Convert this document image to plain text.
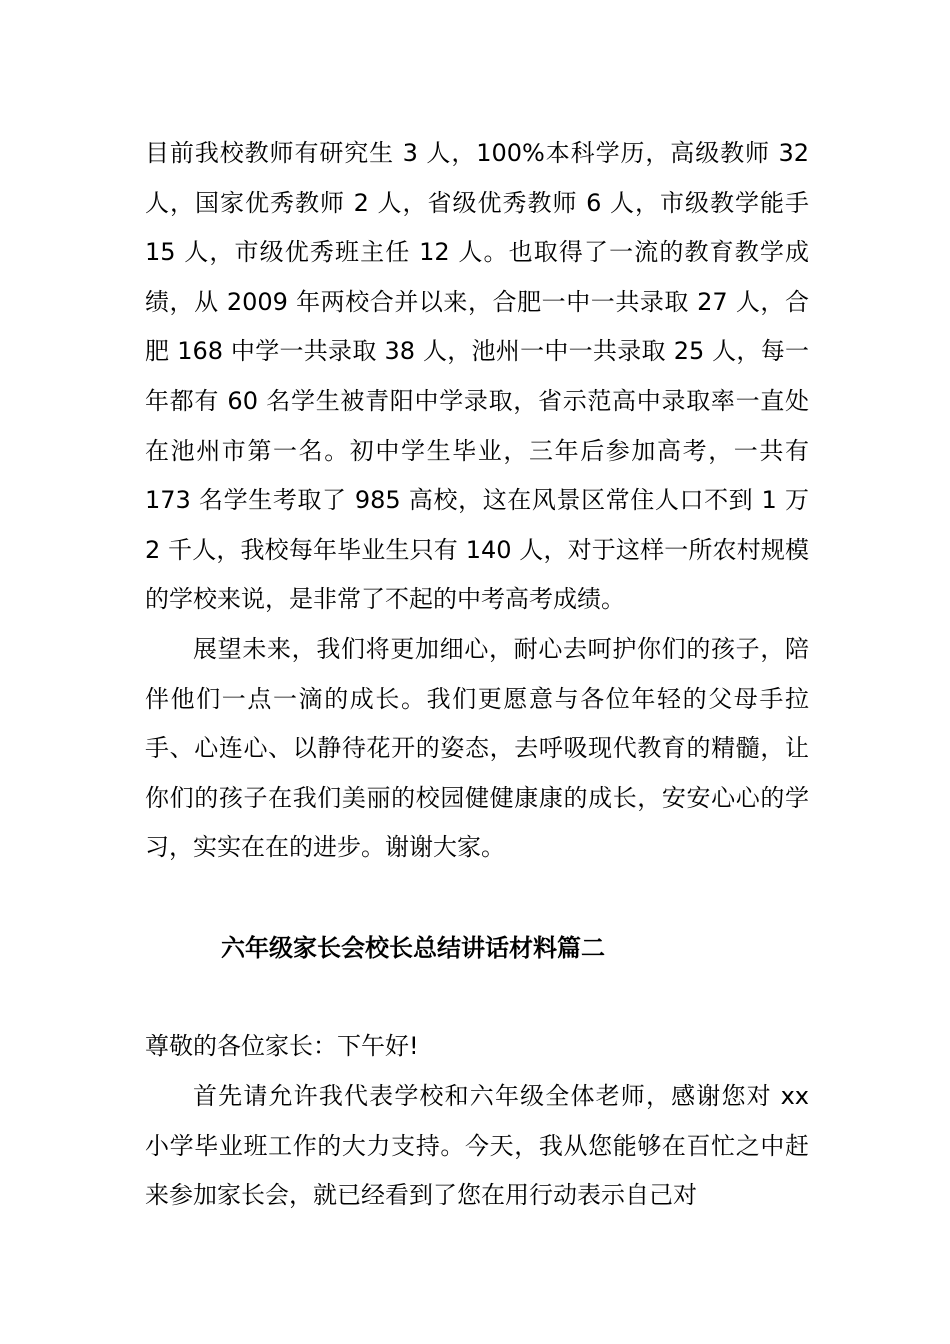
目前我校教师有研究生 3 人，100%本科学历，高级教师 32 人，国家优秀教师 2 人，省级优秀教师 6 人，市级教学能手 15 人，市级优秀班主任 12 人。也取得了一流的教育教学成绩，从 2009 年两校合并以来，合肥一中一共录取 27 人，合肥 168 中学一共录取 38 人，池州一中一共录取 25 人，每一年都有 60 名学生被青阳中学录取，省示范高中录取率一直处在池州市第一名。初中学生毕业，三年后参加高考，一共有 173 名学生考取了 985 高校，这在风景区常住人口不到 1 万 2 千人，我校每年毕业生只有 140 人，对于这样一所农村规模的学校来说，是非常了不起的中考高考成绩。

展望未来，我们将更加细心，耐心去呵护你们的孩子，陪伴他们一点一滴的成长。我们更愿意与各位年轻的父母手拉手、心连心、以静待花开的姿态，去呼吸现代教育的精髓，让你们的孩子在我们美丽的校园健健康康的成长，安安心心的学习，实实在在的进步。谢谢大家。

六年级家长会校长总结讲话材料篇二

尊敬的各位家长：下午好!

首先请允许我代表学校和六年级全体老师，感谢您对 xx 小学毕业班工作的大力支持。今天，我从您能够在百忙之中赶来参加家长会，就已经看到了您在用行动表示自己对
